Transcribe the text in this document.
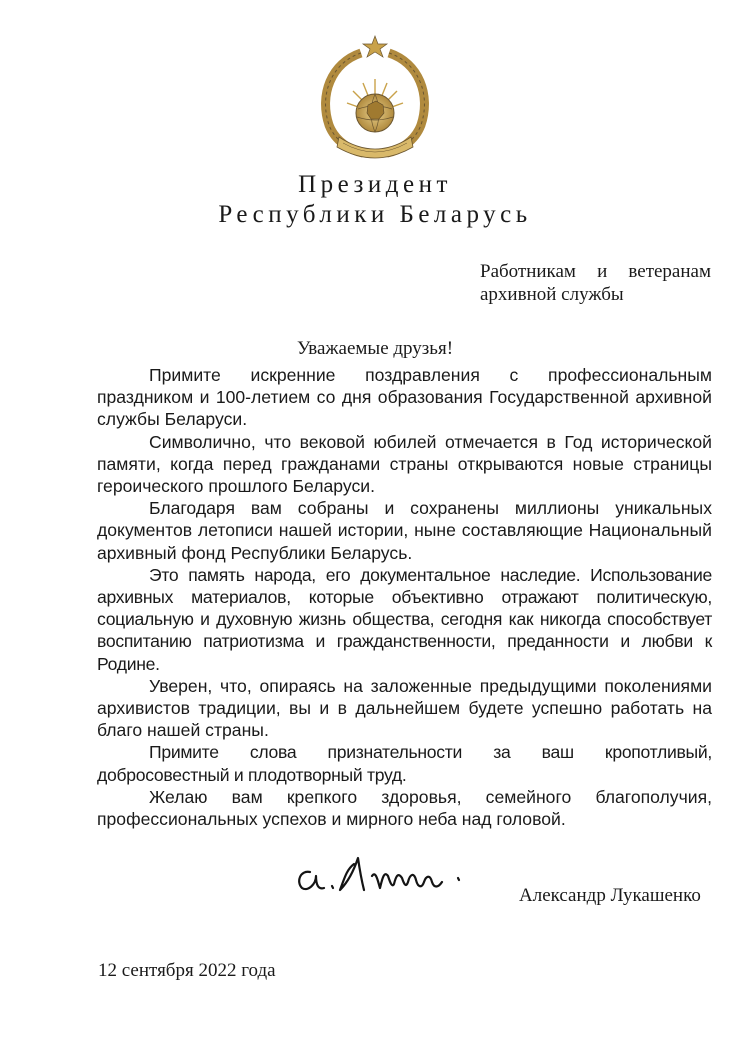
Президент
Республики Беларусь
Работникам и ветеранам
архивной службы
Уважаемые друзья!

Примите искренние поздравления с профессиональным праздником и 100-летием со дня образования Государственной архивной службы Беларуси.

Символично, что вековой юбилей отмечается в Год исторической памяти, когда перед гражданами страны открываются новые страницы героического прошлого Беларуси.

Благодаря вам собраны и сохранены миллионы уникальных документов летописи нашей истории, ныне составляющие Национальный архивный фонд Республики Беларусь.

Это память народа, его документальное наследие. Использование архивных материалов, которые объективно отражают политическую, социальную и духовную жизнь общества, сегодня как никогда способствует воспитанию патриотизма и гражданственности, преданности и любви к Родине.

Уверен, что, опираясь на заложенные предыдущими поколениями архивистов традиции, вы и в дальнейшем будете успешно работать на благо нашей страны.

Примите слова признательности за ваш кропотливый, добросовестный и плодотворный труд.

Желаю вам крепкого здоровья, семейного благополучия, профессиональных успехов и мирного неба над головой.

Александр Лукашенко
12 сентября 2022 года
